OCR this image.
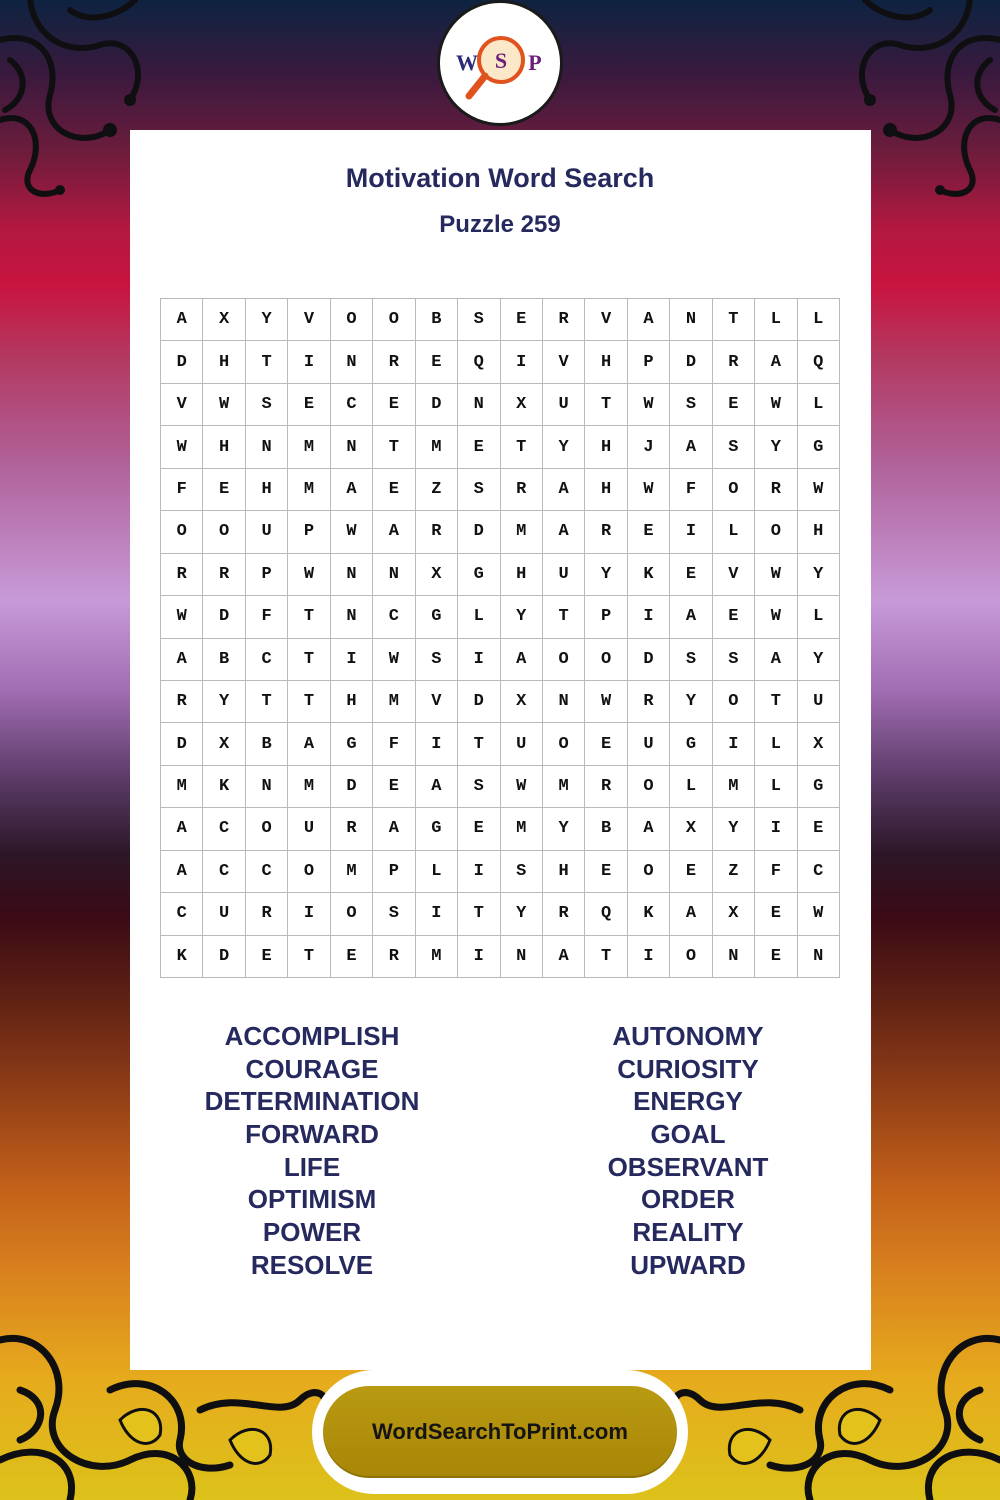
W S P
Motivation Word Search
Puzzle 259
A	X	Y	V	O	O	B	S	E	R	V	A	N	T	L	L
D	H	T	I	N	R	E	Q	I	V	H	P	D	R	A	Q
V	W	S	E	C	E	D	N	X	U	T	W	S	E	W	L
W	H	N	M	N	T	M	E	T	Y	H	J	A	S	Y	G
F	E	H	M	A	E	Z	S	R	A	H	W	F	O	R	W
O	O	U	P	W	A	R	D	M	A	R	E	I	L	O	H
R	R	P	W	N	N	X	G	H	U	Y	K	E	V	W	Y
W	D	F	T	N	C	G	L	Y	T	P	I	A	E	W	L
A	B	C	T	I	W	S	I	A	O	O	D	S	S	A	Y
R	Y	T	T	H	M	V	D	X	N	W	R	Y	O	T	U
D	X	B	A	G	F	I	T	U	O	E	U	G	I	L	X
M	K	N	M	D	E	A	S	W	M	R	O	L	M	L	G
A	C	O	U	R	A	G	E	M	Y	B	A	X	Y	I	E
A	C	C	O	M	P	L	I	S	H	E	O	E	Z	F	C
C	U	R	I	O	S	I	T	Y	R	Q	K	A	X	E	W
K	D	E	T	E	R	M	I	N	A	T	I	O	N	E	N
ACCOMPLISH
COURAGE
DETERMINATION
FORWARD
LIFE
OPTIMISM
POWER
RESOLVE
AUTONOMY
CURIOSITY
ENERGY
GOAL
OBSERVANT
ORDER
REALITY
UPWARD
WordSearchToPrint.com
